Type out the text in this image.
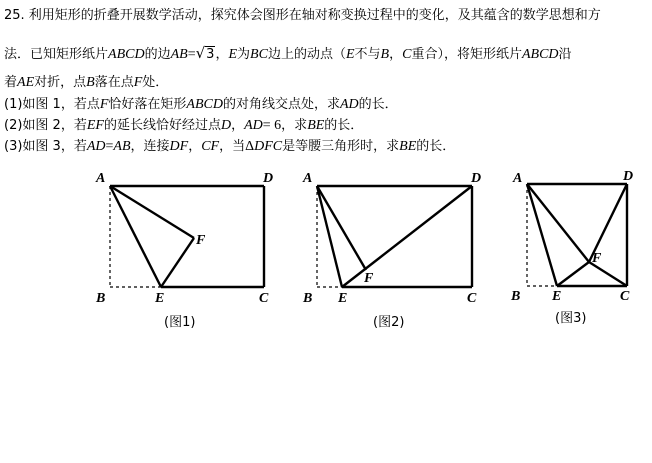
25. 利用矩形的折叠开展数学活动，探究体会图形在轴对称变换过程中的变化，及其蕴含的数学思想和方
法．已知矩形纸片ABCD的边AB=√3，E为BC边上的动点（E不与B，C重合），将矩形纸片ABCD沿
着AE对折，点B落在点F处．
(1)如图 1，若点F恰好落在矩形ABCD的对角线交点处，求AD的长．
(2)如图 2，若EF的延长线恰好经过点D，AD= 6，求BE的长．
(3)如图 3，若AD=AB，连接DF，CF，当ΔDFC是等腰三角形时，求BE的长．
A	D
B	E	C
F
(图1)
A	D
B E	C
F
(图2)
A	D
B E	C
F
(图3)
